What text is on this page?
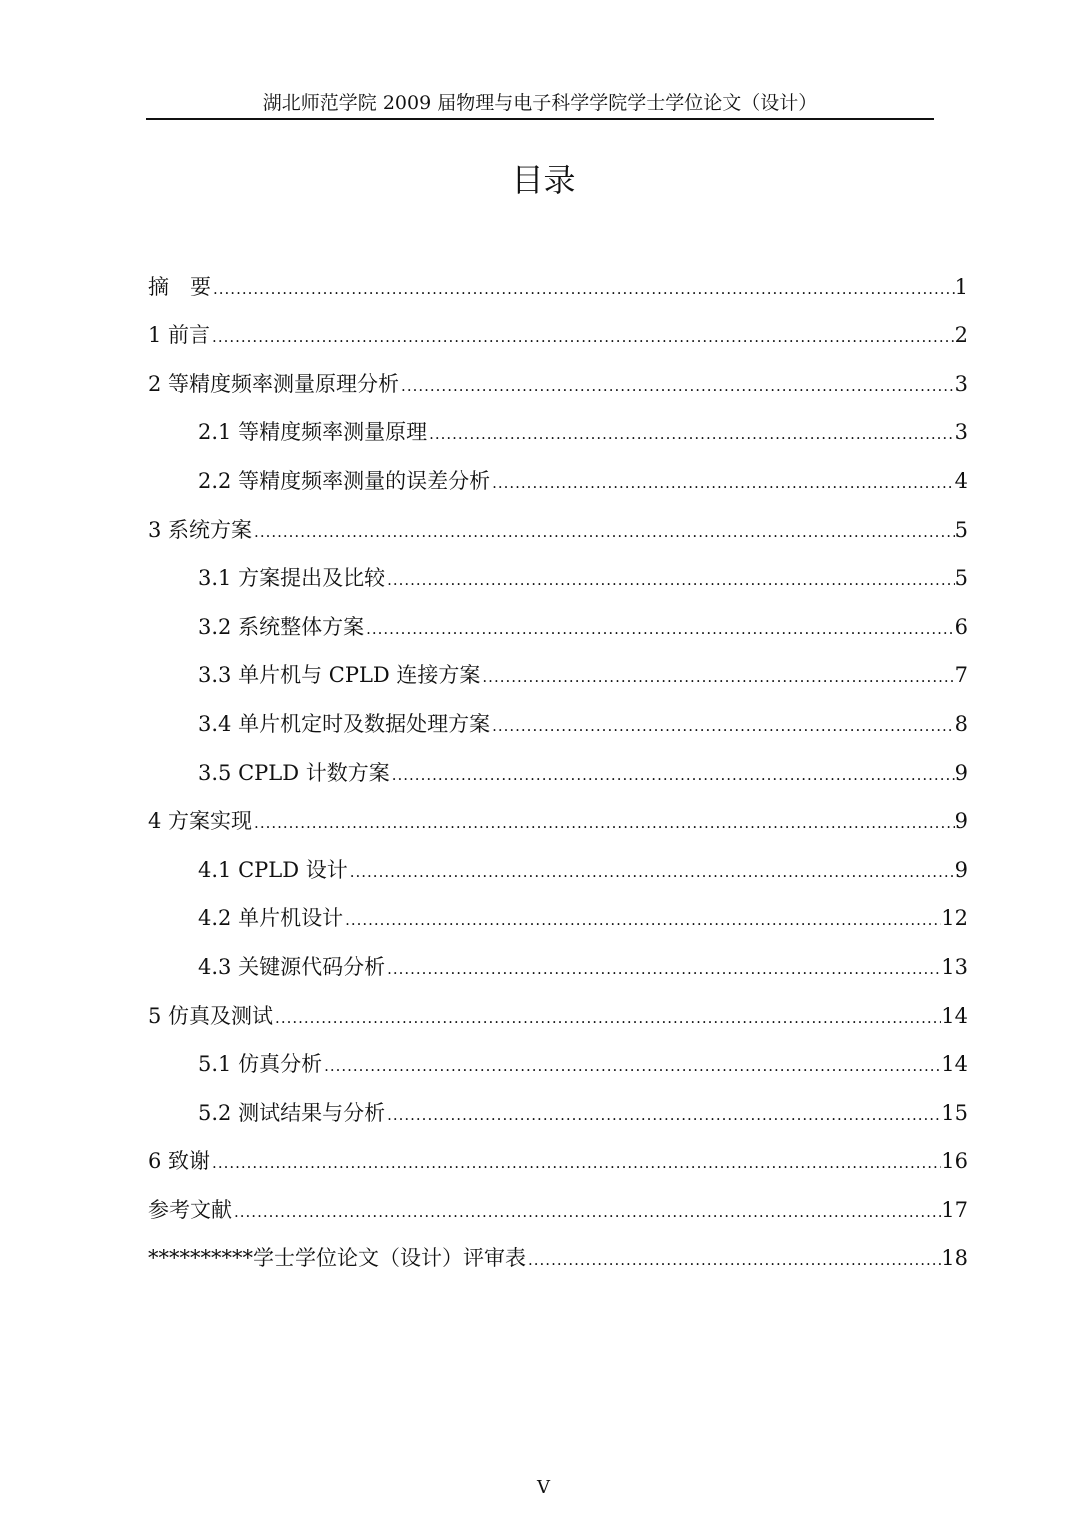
湖北师范学院 2009 届物理与电子科学学院学士学位论文（设计）
目录
摘　要 .....	1
1 前言 .....	2
2 等精度频率测量原理分析 .....	3
2.1 等精度频率测量原理 .....	3
2.2 等精度频率测量的误差分析 .....	4
3 系统方案 .....	5
3.1 方案提出及比较 .....	5
3.2 系统整体方案 .....	6
3.3 单片机与 CPLD 连接方案 .....	7
3.4 单片机定时及数据处理方案 .....	8
3.5 CPLD 计数方案 .....	9
4 方案实现 .....	9
4.1 CPLD 设计 .....	9
4.2 单片机设计 .....	12
4.3 关键源代码分析 .....	13
5 仿真及测试 .....	14
5.1 仿真分析 .....	14
5.2 测试结果与分析 .....	15
6 致谢 .....	16
参考文献 .....	17
**********学士学位论文（设计）评审表 .....	18
V
